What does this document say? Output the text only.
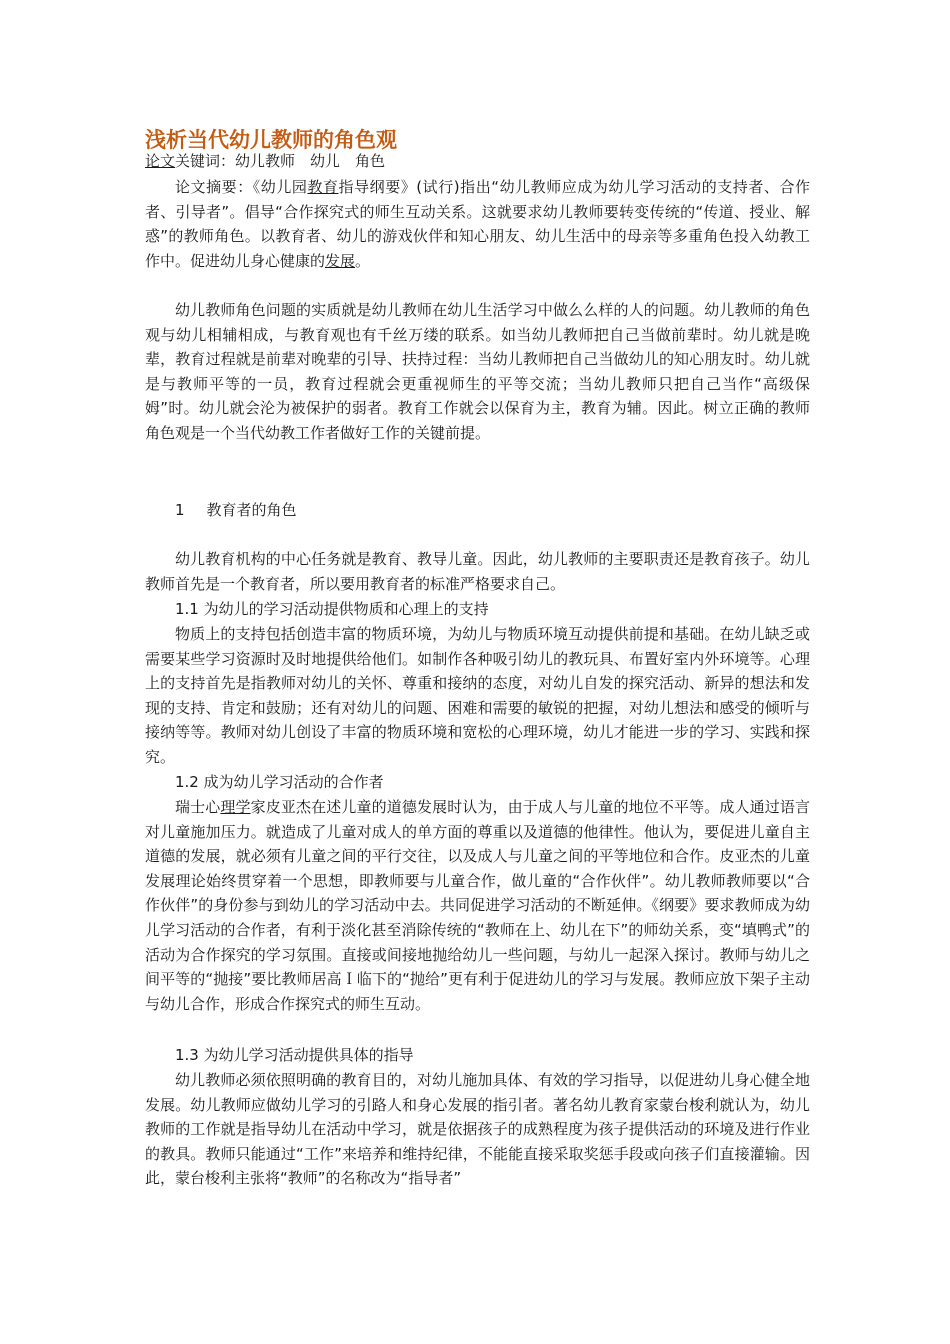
浅析当代幼儿教师的角色观
论文关键词：幼儿教师　幼儿　角色
论文摘要：《幼儿园教育指导纲要》(试行)指出“幼儿教师应成为幼儿学习活动的支持者、合作者、引导者”。倡导“合作探究式的师生互动关系。这就要求幼儿教师要转变传统的“传道、授业、解惑”的教师角色。以教育者、幼儿的游戏伙伴和知心朋友、幼儿生活中的母亲等多重角色投入幼教工作中。促进幼儿身心健康的发展。
幼儿教师角色问题的实质就是幼儿教师在幼儿生活学习中做么么样的人的问题。幼儿教师的角色观与幼儿相辅相成，与教育观也有千丝万缕的联系。如当幼儿教师把自己当做前辈时。幼儿就是晚辈，教育过程就是前辈对晚辈的引导、扶持过程：当幼儿教师把自己当做幼儿的知心朋友时。幼儿就是与教师平等的一员，教育过程就会更重视师生的平等交流；当幼儿教师只把自己当作“高级保姆”时。幼儿就会沦为被保护的弱者。教育工作就会以保育为主，教育为辅。因此。树立正确的教师角色观是一个当代幼教工作者做好工作的关键前提。
1 教育者的角色
幼儿教育机构的中心任务就是教育、教导儿童。因此，幼儿教师的主要职责还是教育孩子。幼儿教师首先是一个教育者，所以要用教育者的标准严格要求自己。
1.1 为幼儿的学习活动提供物质和心理上的支持
物质上的支持包括创造丰富的物质环境，为幼儿与物质环境互动提供前提和基础。在幼儿缺乏或需要某些学习资源时及时地提供给他们。如制作各种吸引幼儿的教玩具、布置好室内外环境等。心理上的支持首先是指教师对幼儿的关怀、尊重和接纳的态度，对幼儿自发的探究活动、新异的想法和发现的支持、肯定和鼓励；还有对幼儿的问题、困难和需要的敏锐的把握，对幼儿想法和感受的倾听与接纳等等。教师对幼儿创设了丰富的物质环境和宽松的心理环境，幼儿才能进一步的学习、实践和探究。
1.2 成为幼儿学习活动的合作者
瑞士心理学家皮亚杰在述儿童的道德发展时认为，由于成人与儿童的地位不平等。成人通过语言对儿童施加压力。就造成了儿童对成人的单方面的尊重以及道德的他律性。他认为，要促进儿童自主道德的发展，就必须有儿童之间的平行交往，以及成人与儿童之间的平等地位和合作。皮亚杰的儿童发展理论始终贯穿着一个思想，即教师要与儿童合作，做儿童的“合作伙伴”。幼儿教师教师要以“合作伙伴”的身份参与到幼儿的学习活动中去。共同促进学习活动的不断延伸。《纲要》要求教师成为幼儿学习活动的合作者，有利于淡化甚至消除传统的“教师在上、幼儿在下”的师幼关系，变“填鸭式”的活动为合作探究的学习氛围。直接或间接地抛给幼儿一些问题，与幼儿一起深入探讨。教师与幼儿之间平等的“抛接”要比教师居高Ｉ临下的“抛给”更有利于促进幼儿的学习与发展。教师应放下架子主动与幼儿合作，形成合作探究式的师生互动。
1.3 为幼儿学习活动提供具体的指导
幼儿教师必须依照明确的教育目的，对幼儿施加具体、有效的学习指导，以促进幼儿身心健全地发展。幼儿教师应做幼儿学习的引路人和身心发展的指引者。著名幼儿教育家蒙台梭利就认为，幼儿教师的工作就是指导幼儿在活动中学习，就是依据孩子的成熟程度为孩子提供活动的环境及进行作业的教具。教师只能通过“工作”来培养和维持纪律，不能能直接采取奖惩手段或向孩子们直接灌输。因此，蒙台梭利主张将“教师”的名称改为“指导者”
